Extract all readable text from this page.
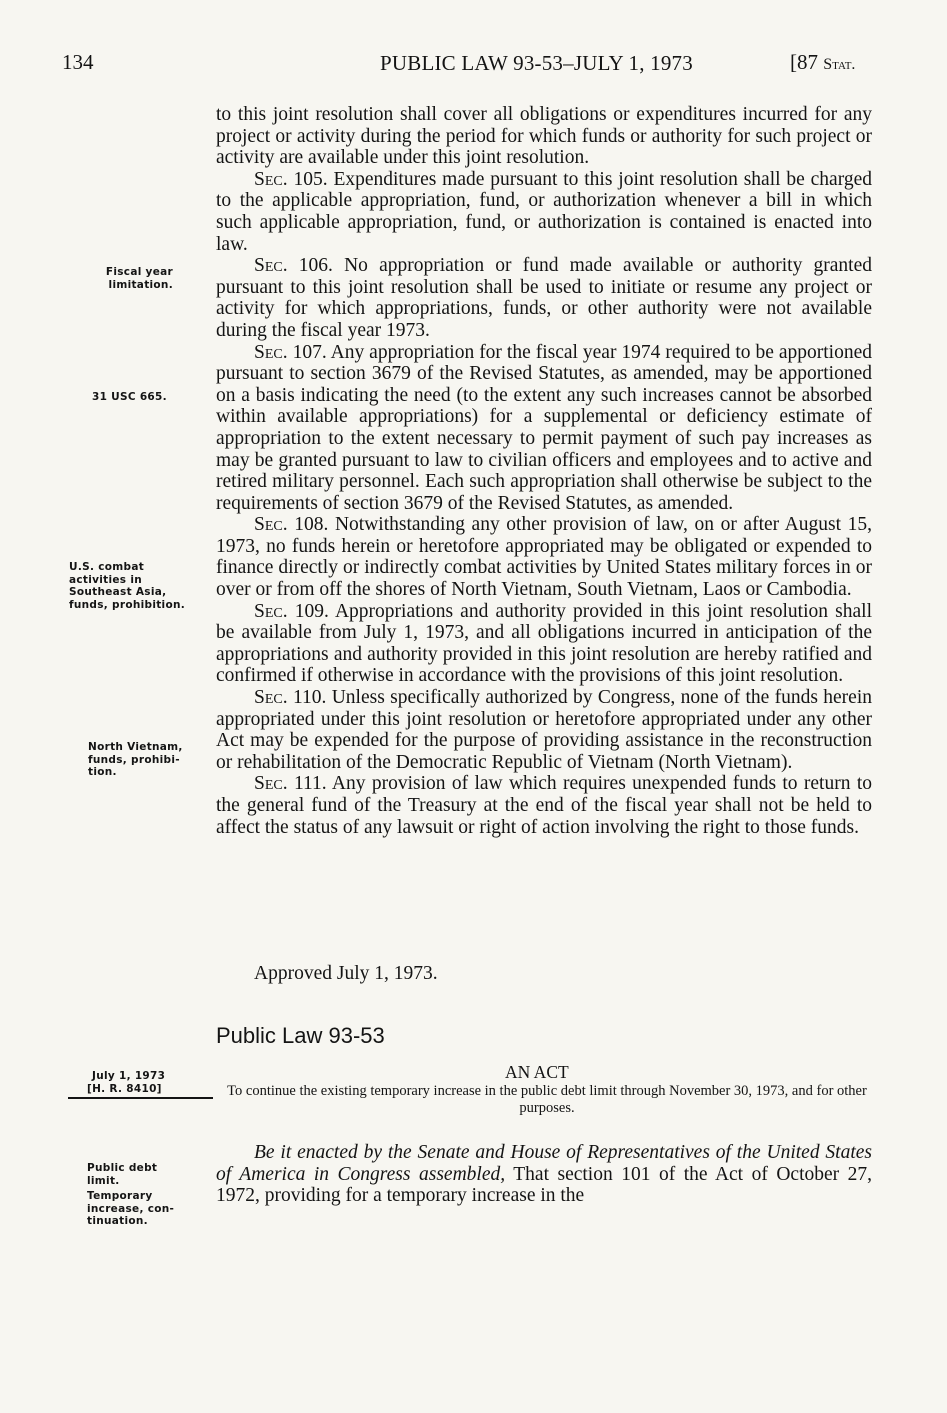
134	PUBLIC LAW 93-53–JULY 1, 1973	[87 Stat.

to this joint resolution shall cover all obligations or expenditures incurred for any project or activity during the period for which funds or authority for such project or activity are available under this joint resolution.

Sec. 105. Expenditures made pursuant to this joint resolution shall be charged to the applicable appropriation, fund, or authorization whenever a bill in which such applicable appropriation, fund, or authorization is contained is enacted into law.

Sec. 106. No appropriation or fund made available or authority granted pursuant to this joint resolution shall be used to initiate or resume any project or activity for which appropriations, funds, or other authority were not available during the fiscal year 1973.

Sec. 107. Any appropriation for the fiscal year 1974 required to be apportioned pursuant to section 3679 of the Revised Statutes, as amended, may be apportioned on a basis indicating the need (to the extent any such increases cannot be absorbed within available appropriations) for a supplemental or deficiency estimate of appropriation to the extent necessary to permit payment of such pay increases as may be granted pursuant to law to civilian officers and employees and to active and retired military personnel. Each such appropriation shall otherwise be subject to the requirements of section 3679 of the Revised Statutes, as amended.

Sec. 108. Notwithstanding any other provision of law, on or after August 15, 1973, no funds herein or heretofore appropriated may be obligated or expended to finance directly or indirectly combat activities by United States military forces in or over or from off the shores of North Vietnam, South Vietnam, Laos or Cambodia.

Sec. 109. Appropriations and authority provided in this joint resolution shall be available from July 1, 1973, and all obligations incurred in anticipation of the appropriations and authority provided in this joint resolution are hereby ratified and confirmed if otherwise in accordance with the provisions of this joint resolution.

Sec. 110. Unless specifically authorized by Congress, none of the funds herein appropriated under this joint resolution or heretofore appropriated under any other Act may be expended for the purpose of providing assistance in the reconstruction or rehabilitation of the Democratic Republic of Vietnam (North Vietnam).

Sec. 111. Any provision of law which requires unexpended funds to return to the general fund of the Treasury at the end of the fiscal year shall not be held to affect the status of any lawsuit or right of action involving the right to those funds.

Fiscal year
limitation.
31 USC 665.
U.S. combat
activities in
Southeast Asia,
funds, prohibition.
North Vietnam,
funds, prohibi-
tion.
Approved July 1, 1973.
Public Law 93-53
July 1, 1973
[H. R. 8410]
AN ACT
To continue the existing temporary increase in the public debt limit through November 30, 1973, and for other purposes.
Public debt
limit.
Temporary
increase, con-
tinuation.
Be it enacted by the Senate and House of Representatives of the United States of America in Congress assembled, That section 101 of the Act of October 27, 1972, providing for a temporary increase in the
